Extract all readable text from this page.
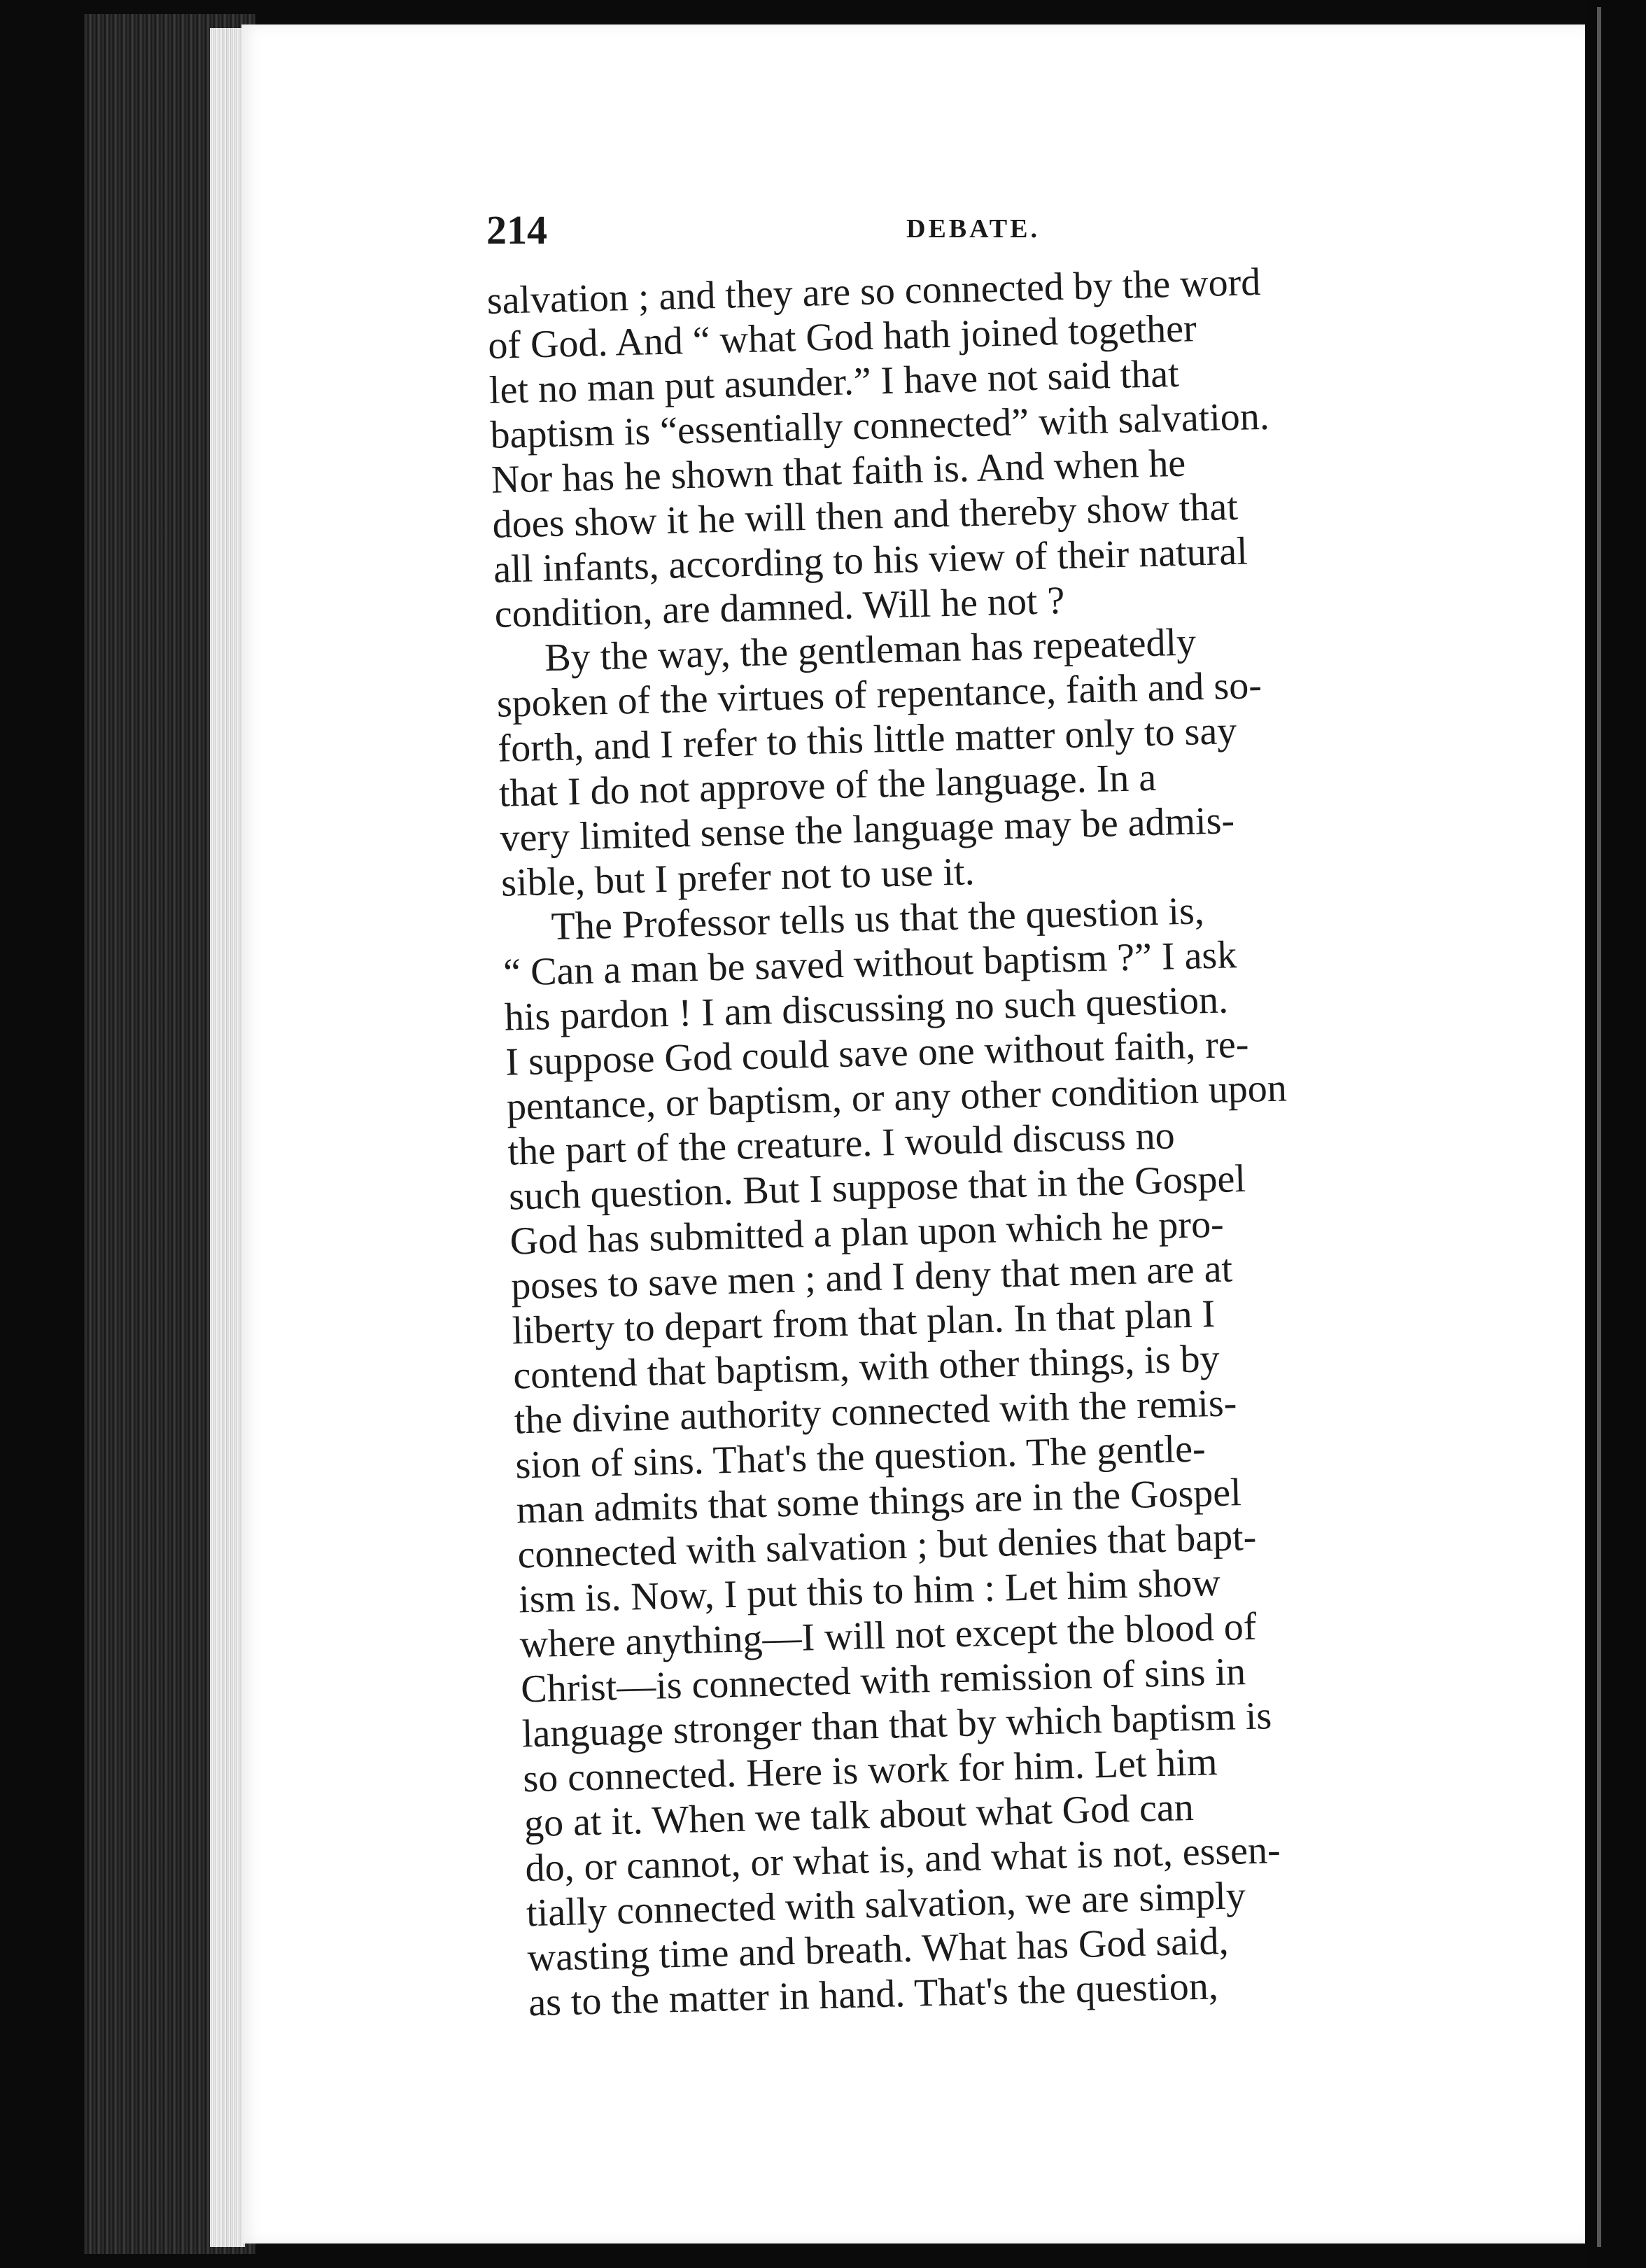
214	DEBATE.
salvation ; and they are so connected by the word
of God. And “ what God hath joined together
let no man put asunder.” I have not said that
baptism is “essentially connected” with salvation.
Nor has he shown that faith is. And when he
does show it he will then and thereby show that
all infants, according to his view of their natural
condition, are damned. Will he not ?
By the way, the gentleman has repeatedly
spoken of the virtues of repentance, faith and so-
forth, and I refer to this little matter only to say
that I do not approve of the language. In a
very limited sense the language may be admis-
sible, but I prefer not to use it.
The Professor tells us that the question is,
“ Can a man be saved without baptism ?” I ask
his pardon ! I am discussing no such question.
I suppose God could save one without faith, re-
pentance, or baptism, or any other condition upon
the part of the creature. I would discuss no
such question. But I suppose that in the Gospel
God has submitted a plan upon which he pro-
poses to save men ; and I deny that men are at
liberty to depart from that plan. In that plan I
contend that baptism, with other things, is by
the divine authority connected with the remis-
sion of sins. That's the question. The gentle-
man admits that some things are in the Gospel
connected with salvation ; but denies that bapt-
ism is. Now, I put this to him : Let him show
where anything—I will not except the blood of
Christ—is connected with remission of sins in
language stronger than that by which baptism is
so connected. Here is work for him. Let him
go at it. When we talk about what God can
do, or cannot, or what is, and what is not, essen-
tially connected with salvation, we are simply
wasting time and breath. What has God said,
as to the matter in hand. That's the question,
